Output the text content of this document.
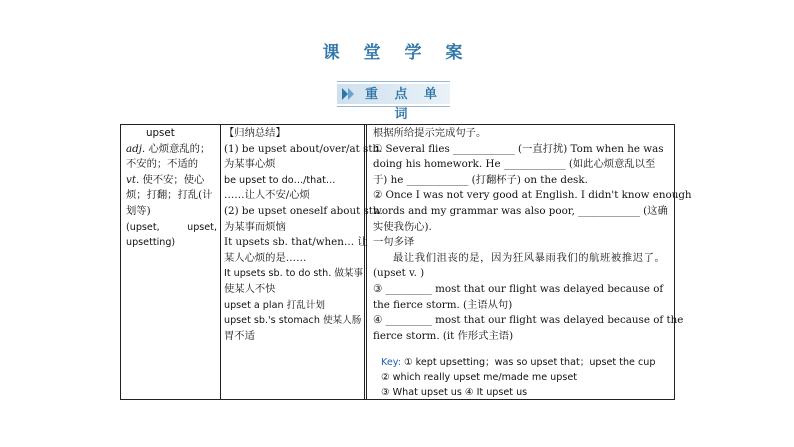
课 堂 学 案
重 点 单 词
upset
adj. 心烦意乱的；
不安的；不适的
vt. 使不安；使心
烦；打翻；打乱(计
划等)
(upset,	upset,
upsetting)
【归纳总结】
(1) be upset about/over/at sth.
为某事心烦
be upset to do…/that…
……让人不安/心烦
(2) be upset oneself about sth.
为某事而烦恼
It upsets sb. that/when… 让
某人心烦的是……
It upsets sb. to do sth. 做某事
使某人不快
upset a plan 打乱计划
upset sb.'s stomach 使某人肠
胃不适
根据所给提示完成句子。
① Several flies ____________ (一直打扰) Tom when he was
doing his homework. He ____________ (如此心烦意乱以至
于) he ____________ (打翻杯子) on the desk.
② Once I was not very good at English. I didn't know enough
words and my grammar was also poor, ____________ (这确
实使我伤心).
一句多译
最让我们沮丧的是，因为狂风暴雨我们的航班被推迟了。
(upset v. )
③ _________ most that our flight was delayed because of
the fierce storm. (主语从句)
④ _________ most that our flight was delayed because of the
fierce storm. (it 作形式主语)
Key: ① kept upsetting；was so upset that；upset the cup
② which really upset me/made me upset
③ What upset us ④ It upset us
